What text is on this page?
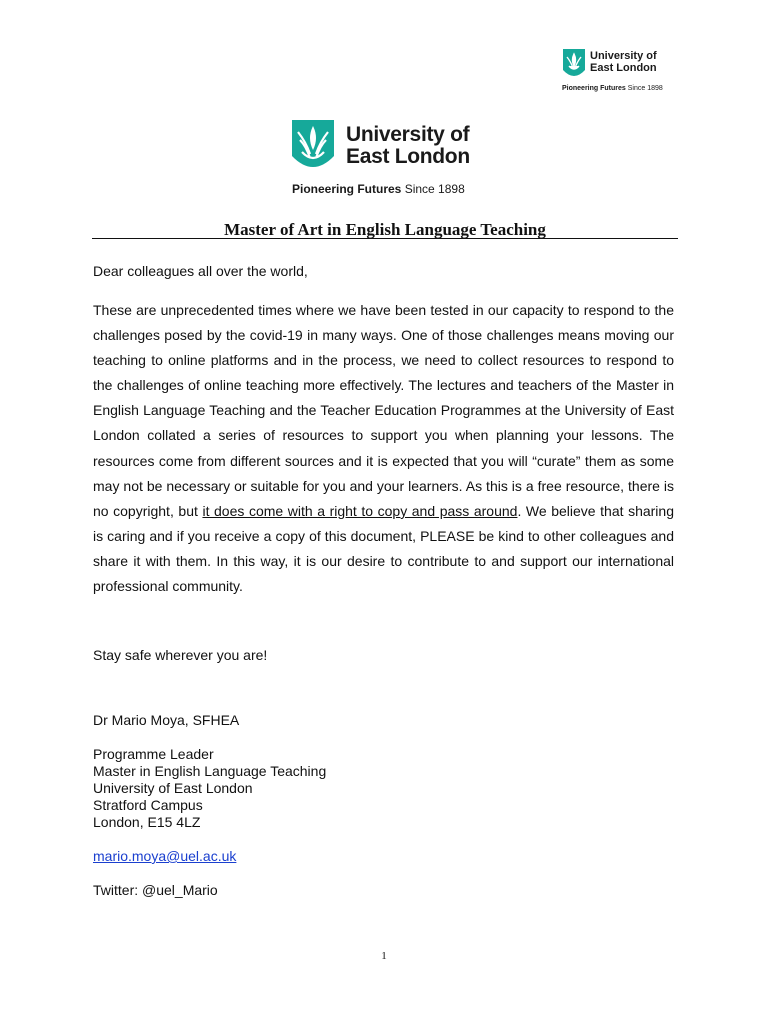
University of
East London
Pioneering Futures Since 1898
University of
East London
Pioneering Futures Since 1898
Master of Art in English Language Teaching
Dear colleagues all over the world,
These are unprecedented times where we have been tested in our capacity to respond to the challenges posed by the covid-19 in many ways. One of those challenges means moving our teaching to online platforms and in the process, we need to collect resources to respond to the challenges of online teaching more effectively. The lectures and teachers of the Master in English Language Teaching and the Teacher Education Programmes at the University of East London collated a series of resources to support you when planning your lessons. The resources come from different sources and it is expected that you will “curate” them as some may not be necessary or suitable for you and your learners. As this is a free resource, there is no copyright, but it does come with a right to copy and pass around. We believe that sharing is caring and if you receive a copy of this document, PLEASE be kind to other colleagues and share it with them. In this way, it is our desire to contribute to and support our international professional community.
Stay safe wherever you are!
Dr Mario Moya, SFHEA
Programme Leader
Master in English Language Teaching
University of East London
Stratford Campus
London, E15 4LZ
mario.moya@uel.ac.uk
Twitter: @uel_Mario
1
